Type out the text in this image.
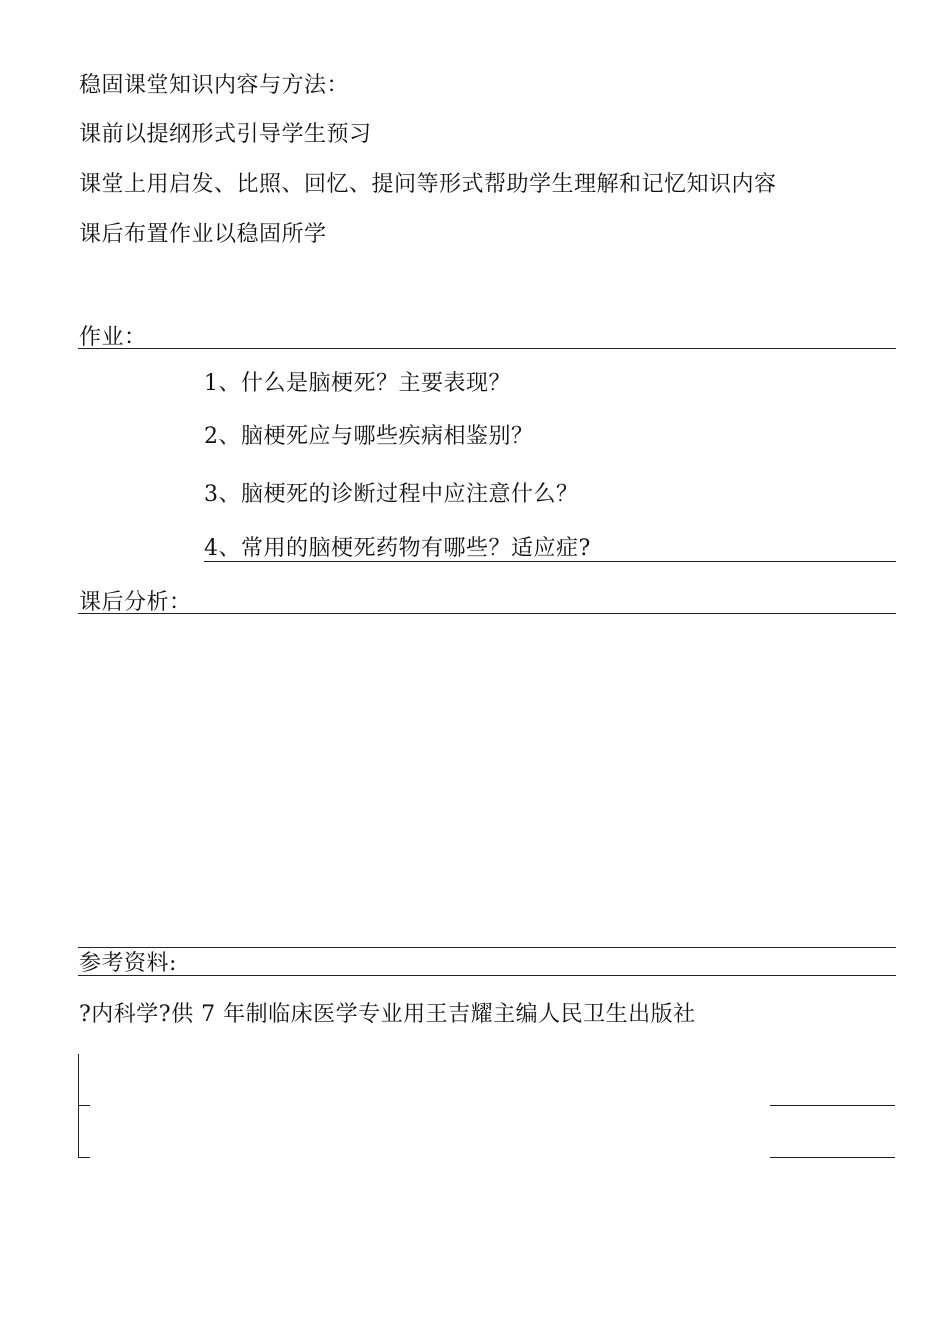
稳固课堂知识内容与方法：
课前以提纲形式引导学生预习
课堂上用启发、比照、回忆、提问等形式帮助学生理解和记忆知识内容
课后布置作业以稳固所学
作业：
1、什么是脑梗死？主要表现？
2、脑梗死应与哪些疾病相鉴别？
3、脑梗死的诊断过程中应注意什么？
4、常用的脑梗死药物有哪些？适应症?
课后分析：
参考资料:
?内科学?供 7 年制临床医学专业用王吉耀主编人民卫生出版社
